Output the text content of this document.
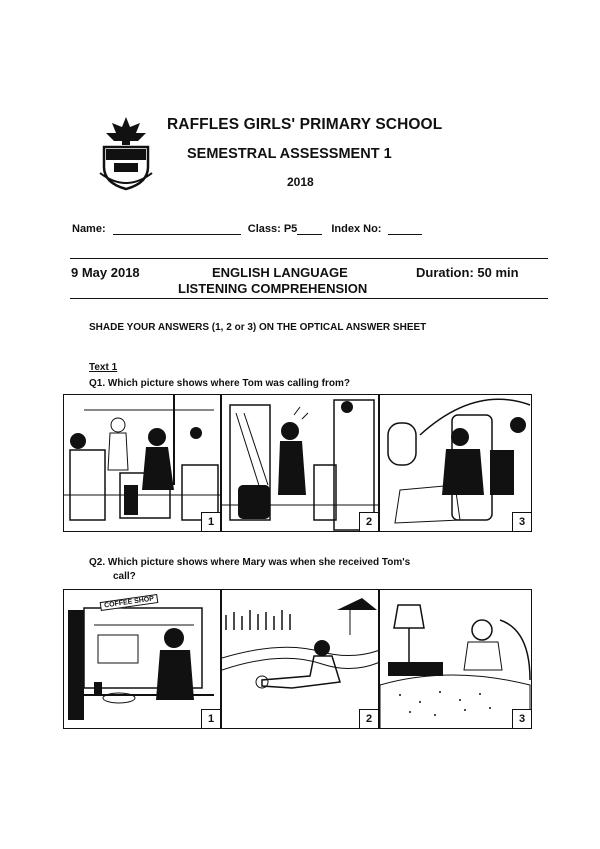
RAFFLES GIRLS' PRIMARY SCHOOL
SEMESTRAL ASSESSMENT 1
2018
Name:	Class: P5	Index No:
9 May 2018	ENGLISH LANGUAGE
LISTENING COMPREHENSION
Duration: 50 min
SHADE YOUR ANSWERS (1, 2 or 3) ON THE OPTICAL ANSWER SHEET
Text 1
Q1. Which picture shows where Tom was calling from?
1	2	3
Q2. Which picture shows where Mary was when she received Tom's
call?
COFFEE SHOP
1	2	3
